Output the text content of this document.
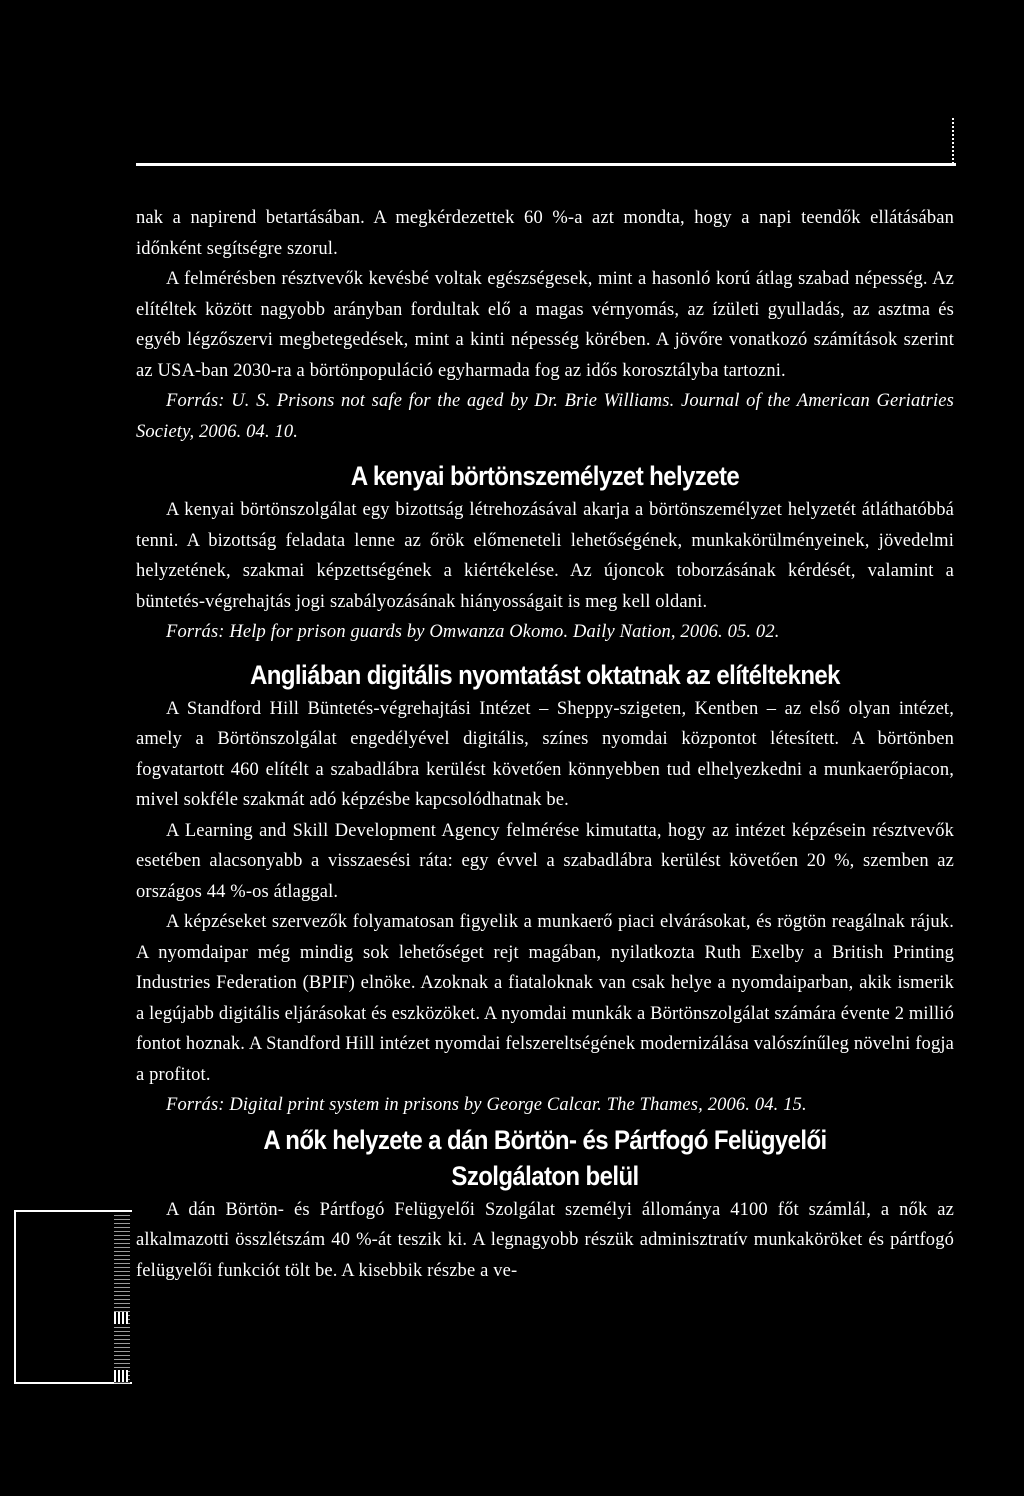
nak a napirend betartásában. A megkérdezettek 60 %-a azt mondta, hogy a napi teendők ellátásában időnként segítségre szorul.

A felmérésben résztvevők kevésbé voltak egészségesek, mint a hasonló korú átlag szabad népesség. Az elítéltek között nagyobb arányban fordultak elő a magas vérnyomás, az ízületi gyulladás, az asztma és egyéb légzőszervi megbetegedések, mint a kinti népesség körében. A jövőre vonatkozó számítások szerint az USA-ban 2030-ra a börtönpopuláció egyharmada fog az idős korosztályba tartozni.

Forrás: U. S. Prisons not safe for the aged by Dr. Brie Williams. Journal of the American Geriatries Society, 2006. 04. 10.

A kenyai börtönszemélyzet helyzete

A kenyai börtönszolgálat egy bizottság létrehozásával akarja a börtönszemélyzet helyzetét átláthatóbbá tenni. A bizottság feladata lenne az őrök előmeneteli lehetőségének, munkakörülményeinek, jövedelmi helyzetének, szakmai képzettségének a kiértékelése. Az újoncok toborzásának kérdését, valamint a büntetés-végrehajtás jogi szabályozásának hiányosságait is meg kell oldani.

Forrás: Help for prison guards by Omwanza Okomo. Daily Nation, 2006. 05. 02.

Angliában digitális nyomtatást oktatnak az elítélteknek

A Standford Hill Büntetés-végrehajtási Intézet – Sheppy-szigeten, Kentben – az első olyan intézet, amely a Börtönszolgálat engedélyével digitális, színes nyomdai központot létesített. A börtönben fogvatartott 460 elítélt a szabadlábra kerülést követően könnyebben tud elhelyezkedni a munkaerőpiacon, mivel sokféle szakmát adó képzésbe kapcsolódhatnak be.

A Learning and Skill Development Agency felmérése kimutatta, hogy az intézet képzésein résztvevők esetében alacsonyabb a visszaesési ráta: egy évvel a szabadlábra kerülést követően 20 %, szemben az országos 44 %-os átlaggal.

A képzéseket szervezők folyamatosan figyelik a munkaerő piaci elvárásokat, és rögtön reagálnak rájuk. A nyomdaipar még mindig sok lehetőséget rejt magában, nyilatkozta Ruth Exelby a British Printing Industries Federation (BPIF) elnöke. Azoknak a fiataloknak van csak helye a nyomdaiparban, akik ismerik a legújabb digitális eljárásokat és eszközöket. A nyomdai munkák a Börtönszolgálat számára évente 2 millió fontot hoznak. A Standford Hill intézet nyomdai felszereltségének modernizálása valószínűleg növelni fogja a profitot.

Forrás: Digital print system in prisons by George Calcar. The Thames, 2006. 04. 15.

A nők helyzete a dán Börtön- és Pártfogó Felügyelői
Szolgálaton belül

A dán Börtön- és Pártfogó Felügyelői Szolgálat személyi állománya 4100 főt számlál, a nők az alkalmazotti összlétszám 40 %-át teszik ki. A legnagyobb részük adminisztratív munkaköröket és pártfogó felügyelői funkciót tölt be. A kisebbik részbe a ve-
